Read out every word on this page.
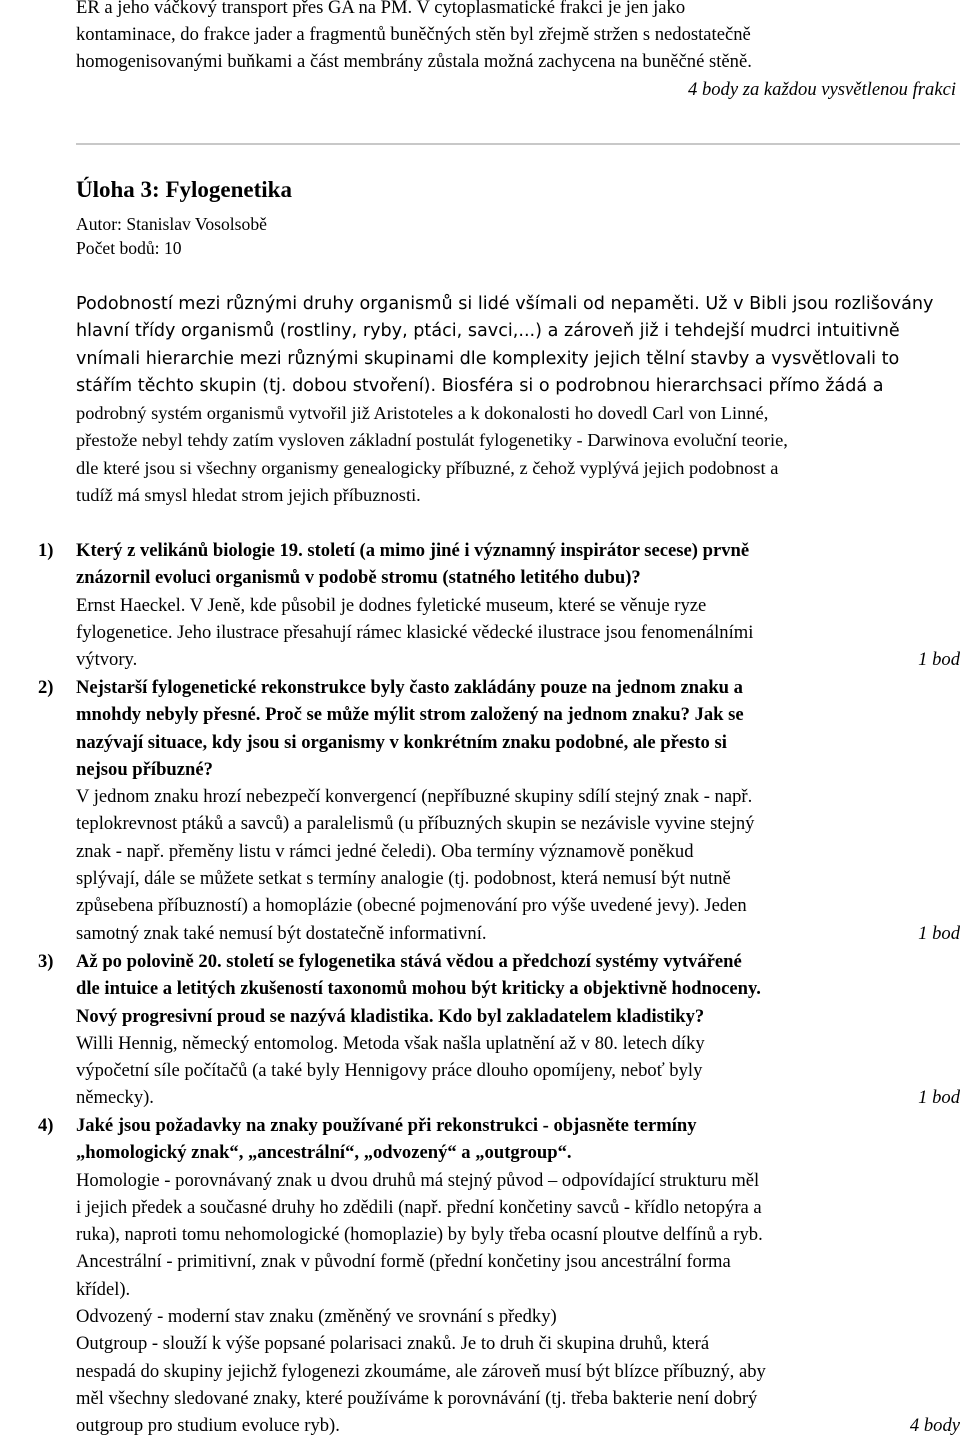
ER a jeho váčkový transport přes GA na PM. V cytoplasmatické frakci je jen jako
kontaminace, do frakce jader a fragmentů buněčných stěn byl zřejmě stržen s nedostatečně
homogenisovanými buňkami a část membrány zůstala možná zachycena na buněčné stěně.
4 body za každou vysvětlenou frakci
Úloha 3: Fylogenetika
Autor: Stanislav Vosolsobě
Počet bodů: 10
Podobností mezi různými druhy organismů si lidé všímali od nepaměti. Už v Bibli jsou rozlišovány
hlavní třídy organismů (rostliny, ryby, ptáci, savci,...) a zároveň již i tehdejší mudrci intuitivně
vnímali hierarchie mezi různými skupinami dle komplexity jejich tělní stavby a vysvětlovali to
stářím těchto skupin (tj. dobou stvoření). Biosféra si o podrobnou hierarchsaci přímo žádá a
podrobný systém organismů vytvořil již Aristoteles a k dokonalosti ho dovedl Carl von Linné,
přestože nebyl tehdy zatím vysloven základní postulát fylogenetiky - Darwinova evoluční teorie,
dle které jsou si všechny organismy genealogicky příbuzné, z čehož vyplývá jejich podobnost a
tudíž má smysl hledat strom jejich příbuznosti.
1) Který z velikánů biologie 19. století (a mimo jiné i významný inspirátor secese) prvně
znázornil evoluci organismů v podobě stromu (statného letitého dubu)?
Ernst Haeckel. V Jeně, kde působil je dodnes fyletické museum, které se věnuje ryze
fylogenetice. Jeho ilustrace přesahují rámec klasické vědecké ilustrace jsou fenomenálními
výtvory.	1 bod
2) Nejstarší fylogenetické rekonstrukce byly často zakládány pouze na jednom znaku a
mnohdy nebyly přesné. Proč se může mýlit strom založený na jednom znaku? Jak se
nazývají situace, kdy jsou si organismy v konkrétním znaku podobné, ale přesto si
nejsou příbuzné?
V jednom znaku hrozí nebezpečí konvergencí (nepříbuzné skupiny sdílí stejný znak - např.
teplokrevnost ptáků a savců) a paralelismů (u příbuzných skupin se nezávisle vyvine stejný
znak - např. přeměny listu v rámci jedné čeledi). Oba termíny významově poněkud
splývají, dále se můžete setkat s termíny analogie (tj. podobnost, která nemusí být nutně
způsebena příbuzností) a homoplázie (obecné pojmenování pro výše uvedené jevy). Jeden
samotný znak také nemusí být dostatečně informativní.	1 bod
3) Až po polovině 20. století se fylogenetika stává vědou a předchozí systémy vytvářené
dle intuice a letitých zkušeností taxonomů mohou být kriticky a objektivně hodnoceny.
Nový progresivní proud se nazývá kladistika. Kdo byl zakladatelem kladistiky?
Willi Hennig, německý entomolog. Metoda však našla uplatnění až v 80. letech díky
výpočetní síle počítačů (a také byly Hennigovy práce dlouho opomíjeny, neboť byly
německy).	1 bod
4) Jaké jsou požadavky na znaky používané při rekonstrukci - objasněte termíny
„homologický znak“, „ancestrální“, „odvozený“ a „outgroup“.
Homologie - porovnávaný znak u dvou druhů má stejný původ – odpovídající strukturu měl
i jejich předek a současné druhy ho zdědili (např. přední končetiny savců - křídlo netopýra a
ruka), naproti tomu nehomologické (homoplazie) by byly třeba ocasní ploutve delfínů a ryb.
Ancestrální - primitivní, znak v původní formě (přední končetiny jsou ancestrální forma
křídel).
Odvozený - moderní stav znaku (změněný ve srovnání s předky)
Outgroup - slouží k výše popsané polarisaci znaků. Je to druh či skupina druhů, která
nespadá do skupiny jejichž fylogenezi zkoumáme, ale zároveň musí být blízce příbuzný, aby
měl všechny sledované znaky, které používáme k porovnávání (tj. třeba bakterie není dobrý
outgroup pro studium evoluce ryb).	4 body
